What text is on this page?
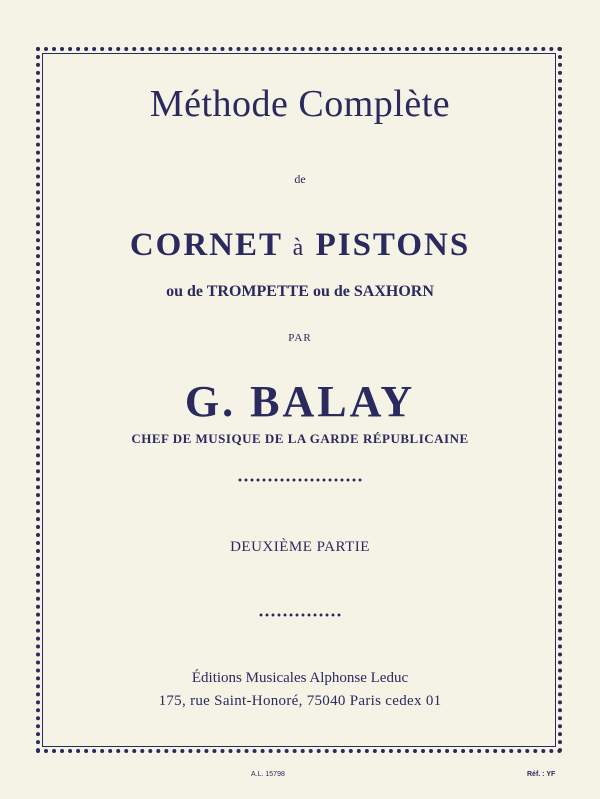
Méthode Complète
de
CORNET à PISTONS
ou de TROMPETTE ou de SAXHORN
PAR
G. BALAY
CHEF DE MUSIQUE DE LA GARDE RÉPUBLICAINE
DEUXIÈME PARTIE
Éditions Musicales Alphonse Leduc
175, rue Saint-Honoré, 75040 Paris cedex 01
A.L. 15798	Réf. : YF
